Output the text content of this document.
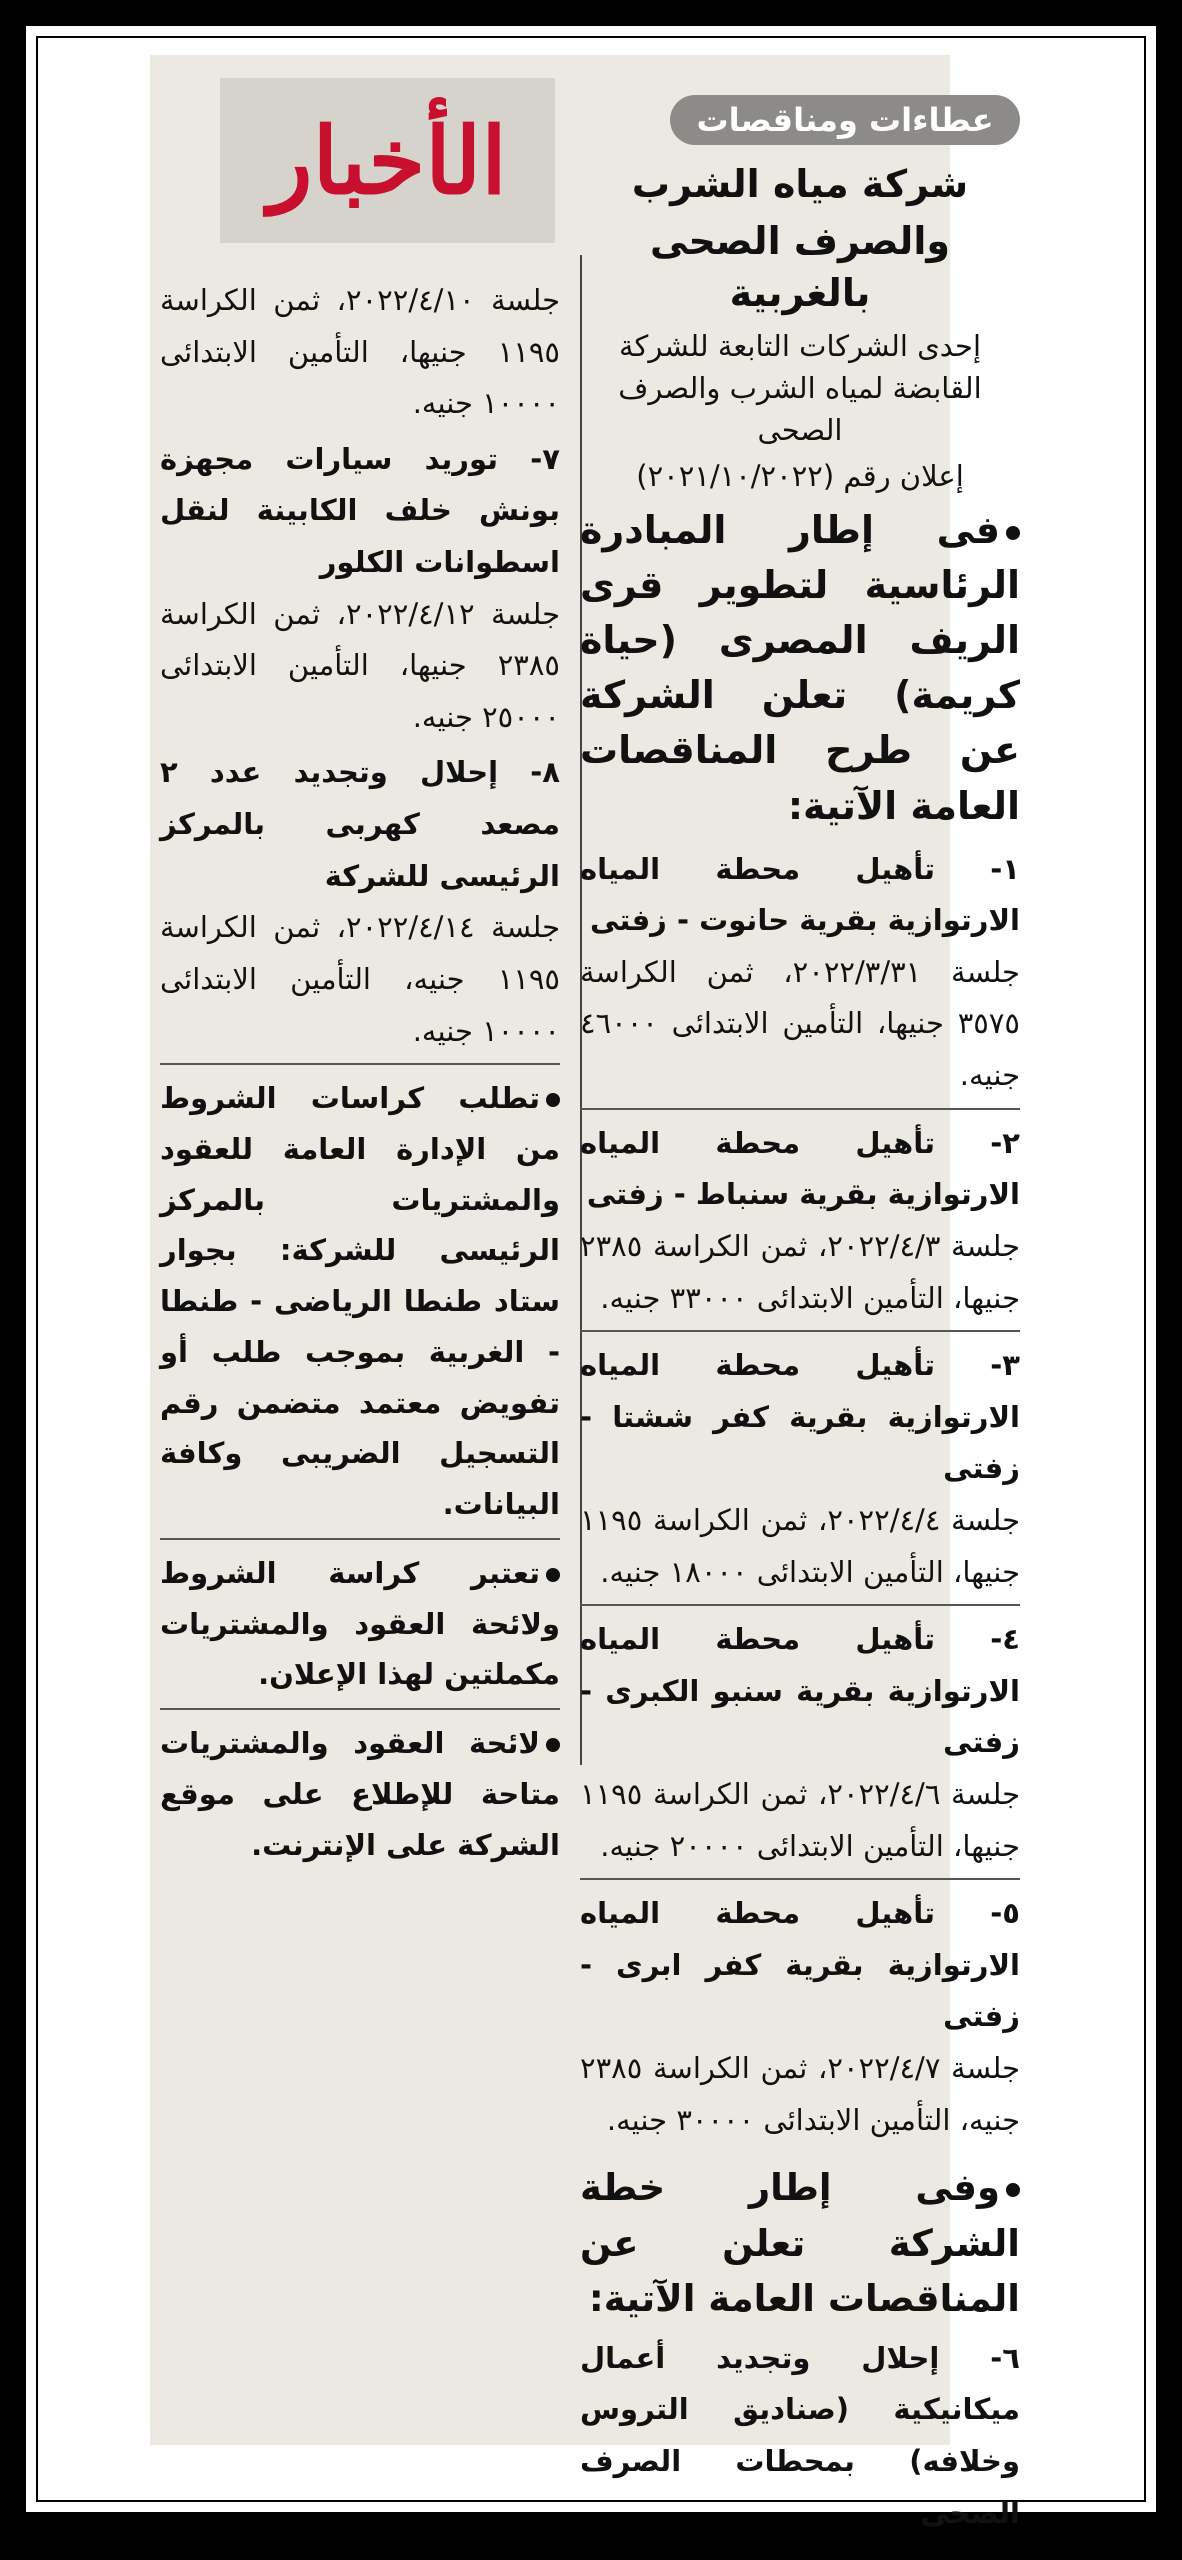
الأخبار	عطاءات ومناقصات
شركة مياه الشرب
والصرف الصحى بالغربية
إحدى الشركات التابعة للشركة القابضة لمياه الشرب والصرف الصحى
إعلان رقم (٢٠٢١/١٠/٢٠٢٢)
فى إطار المبادرة الرئاسية لتطوير قرى الريف المصرى (حياة كريمة) تعلن الشركة عن طرح المناقصات العامة الآتية:
١- تأهيل محطة المياه الارتوازية بقرية حانوت - زفتى
جلسة ٢٠٢٢/٣/٣١، ثمن الكراسة ٣٥٧٥ جنيها، التأمين الابتدائى ٤٦٠٠٠ جنيه.
٢- تأهيل محطة المياه الارتوازية بقرية سنباط - زفتى
جلسة ٢٠٢٢/٤/٣، ثمن الكراسة ٢٣٨٥ جنيها، التأمين الابتدائى ٣٣٠٠٠ جنيه.
٣- تأهيل محطة المياه الارتوازية بقرية كفر ششتا - زفتى
جلسة ٢٠٢٢/٤/٤، ثمن الكراسة ١١٩٥ جنيها، التأمين الابتدائى ١٨٠٠٠ جنيه.
٤- تأهيل محطة المياه الارتوازية بقرية سنبو الكبرى - زفتى
جلسة ٢٠٢٢/٤/٦، ثمن الكراسة ١١٩٥ جنيها، التأمين الابتدائى ٢٠٠٠٠ جنيه.
٥- تأهيل محطة المياه الارتوازية بقرية كفر ابرى - زفتى
جلسة ٢٠٢٢/٤/٧، ثمن الكراسة ٢٣٨٥ جنيه، التأمين الابتدائى ٣٠٠٠٠ جنيه.
وفى إطار خطة الشركة تعلن عن المناقصات العامة الآتية:
٦- إحلال وتجديد أعمال ميكانيكية (صناديق التروس وخلافه) بمحطات الصرف الصحى
جلسة ٢٠٢٢/٤/١٠، ثمن الكراسة ١١٩٥ جنيها، التأمين الابتدائى ١٠٠٠٠ جنيه.
٧- توريد سيارات مجهزة بونش خلف الكابينة لنقل اسطوانات الكلور
جلسة ٢٠٢٢/٤/١٢، ثمن الكراسة ٢٣٨٥ جنيها، التأمين الابتدائى ٢٥٠٠٠ جنيه.
٨- إحلال وتجديد عدد ٢ مصعد كهربى بالمركز الرئيسى للشركة
جلسة ٢٠٢٢/٤/١٤، ثمن الكراسة ١١٩٥ جنيه، التأمين الابتدائى ١٠٠٠٠ جنيه.
تطلب كراسات الشروط من الإدارة العامة للعقود والمشتريات بالمركز الرئيسى للشركة: بجوار ستاد طنطا الرياضى - طنطا - الغربية بموجب طلب أو تفويض معتمد متضمن رقم التسجيل الضريبى وكافة البيانات.
تعتبر كراسة الشروط ولائحة العقود والمشتريات مكملتين لهذا الإعلان.
لائحة العقود والمشتريات متاحة للإطلاع على موقع الشركة على الإنترنت.
